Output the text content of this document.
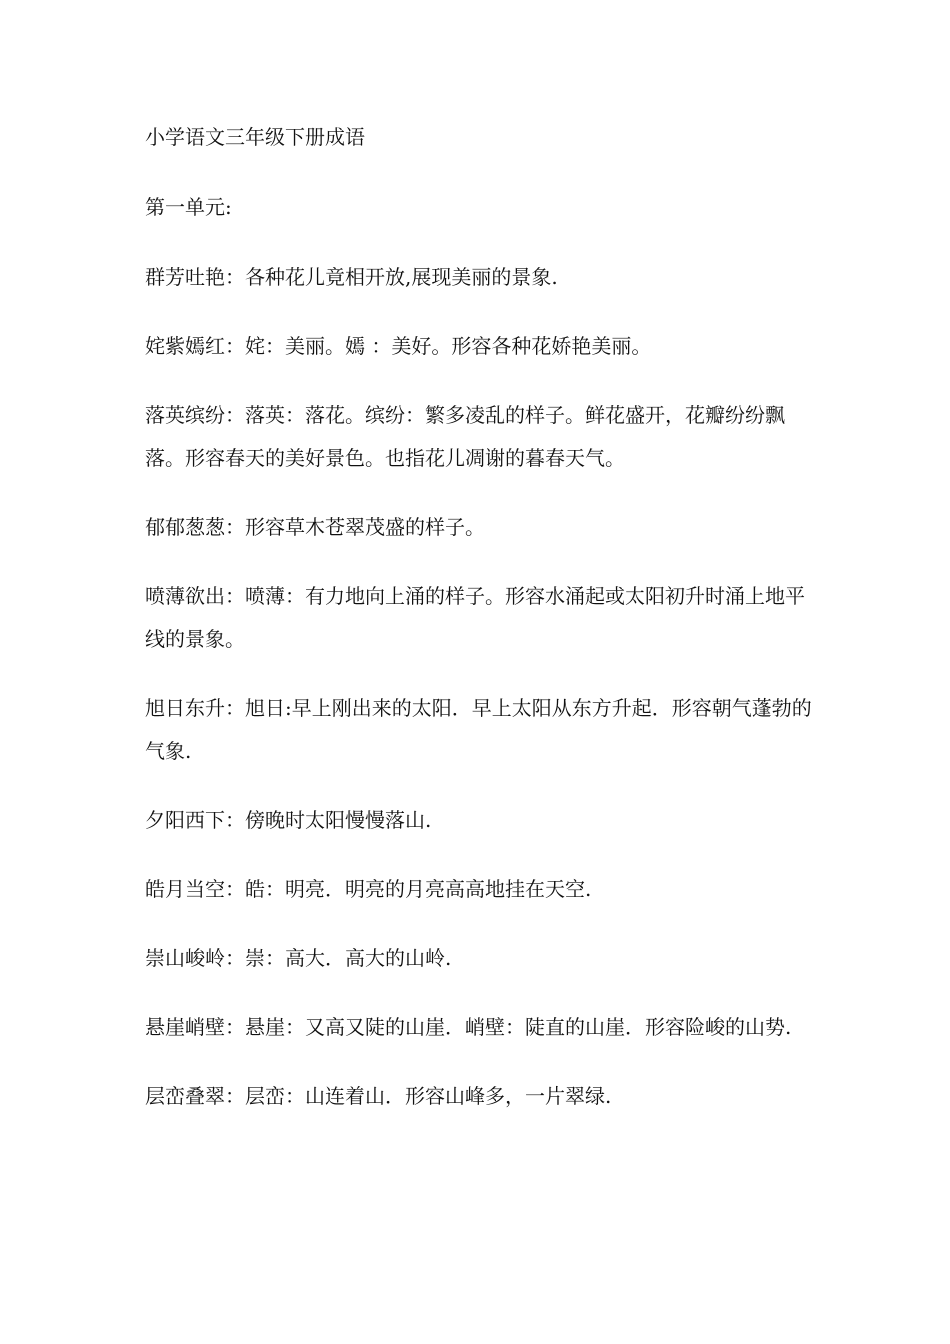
小学语文三年级下册成语
第一单元:
群芳吐艳：各种花儿竟相开放,展现美丽的景象.
姹紫嫣红：姹：美丽。嫣 ：美好。形容各种花娇艳美丽。
落英缤纷：落英：落花。缤纷：繁多凌乱的样子。鲜花盛开，花瓣纷纷飘落。形容春天的美好景色。也指花儿凋谢的暮春天气。
郁郁葱葱：形容草木苍翠茂盛的样子。
喷薄欲出：喷薄：有力地向上涌的样子。形容水涌起或太阳初升时涌上地平线的景象。
旭日东升：旭日:早上刚出来的太阳．早上太阳从东方升起．形容朝气蓬勃的气象.
夕阳西下：傍晚时太阳慢慢落山.
皓月当空：皓：明亮．明亮的月亮高高地挂在天空.
崇山峻岭：崇：高大．高大的山岭.
悬崖峭壁：悬崖：又高又陡的山崖．峭壁：陡直的山崖．形容险峻的山势.
层峦叠翠：层峦：山连着山．形容山峰多，一片翠绿.
